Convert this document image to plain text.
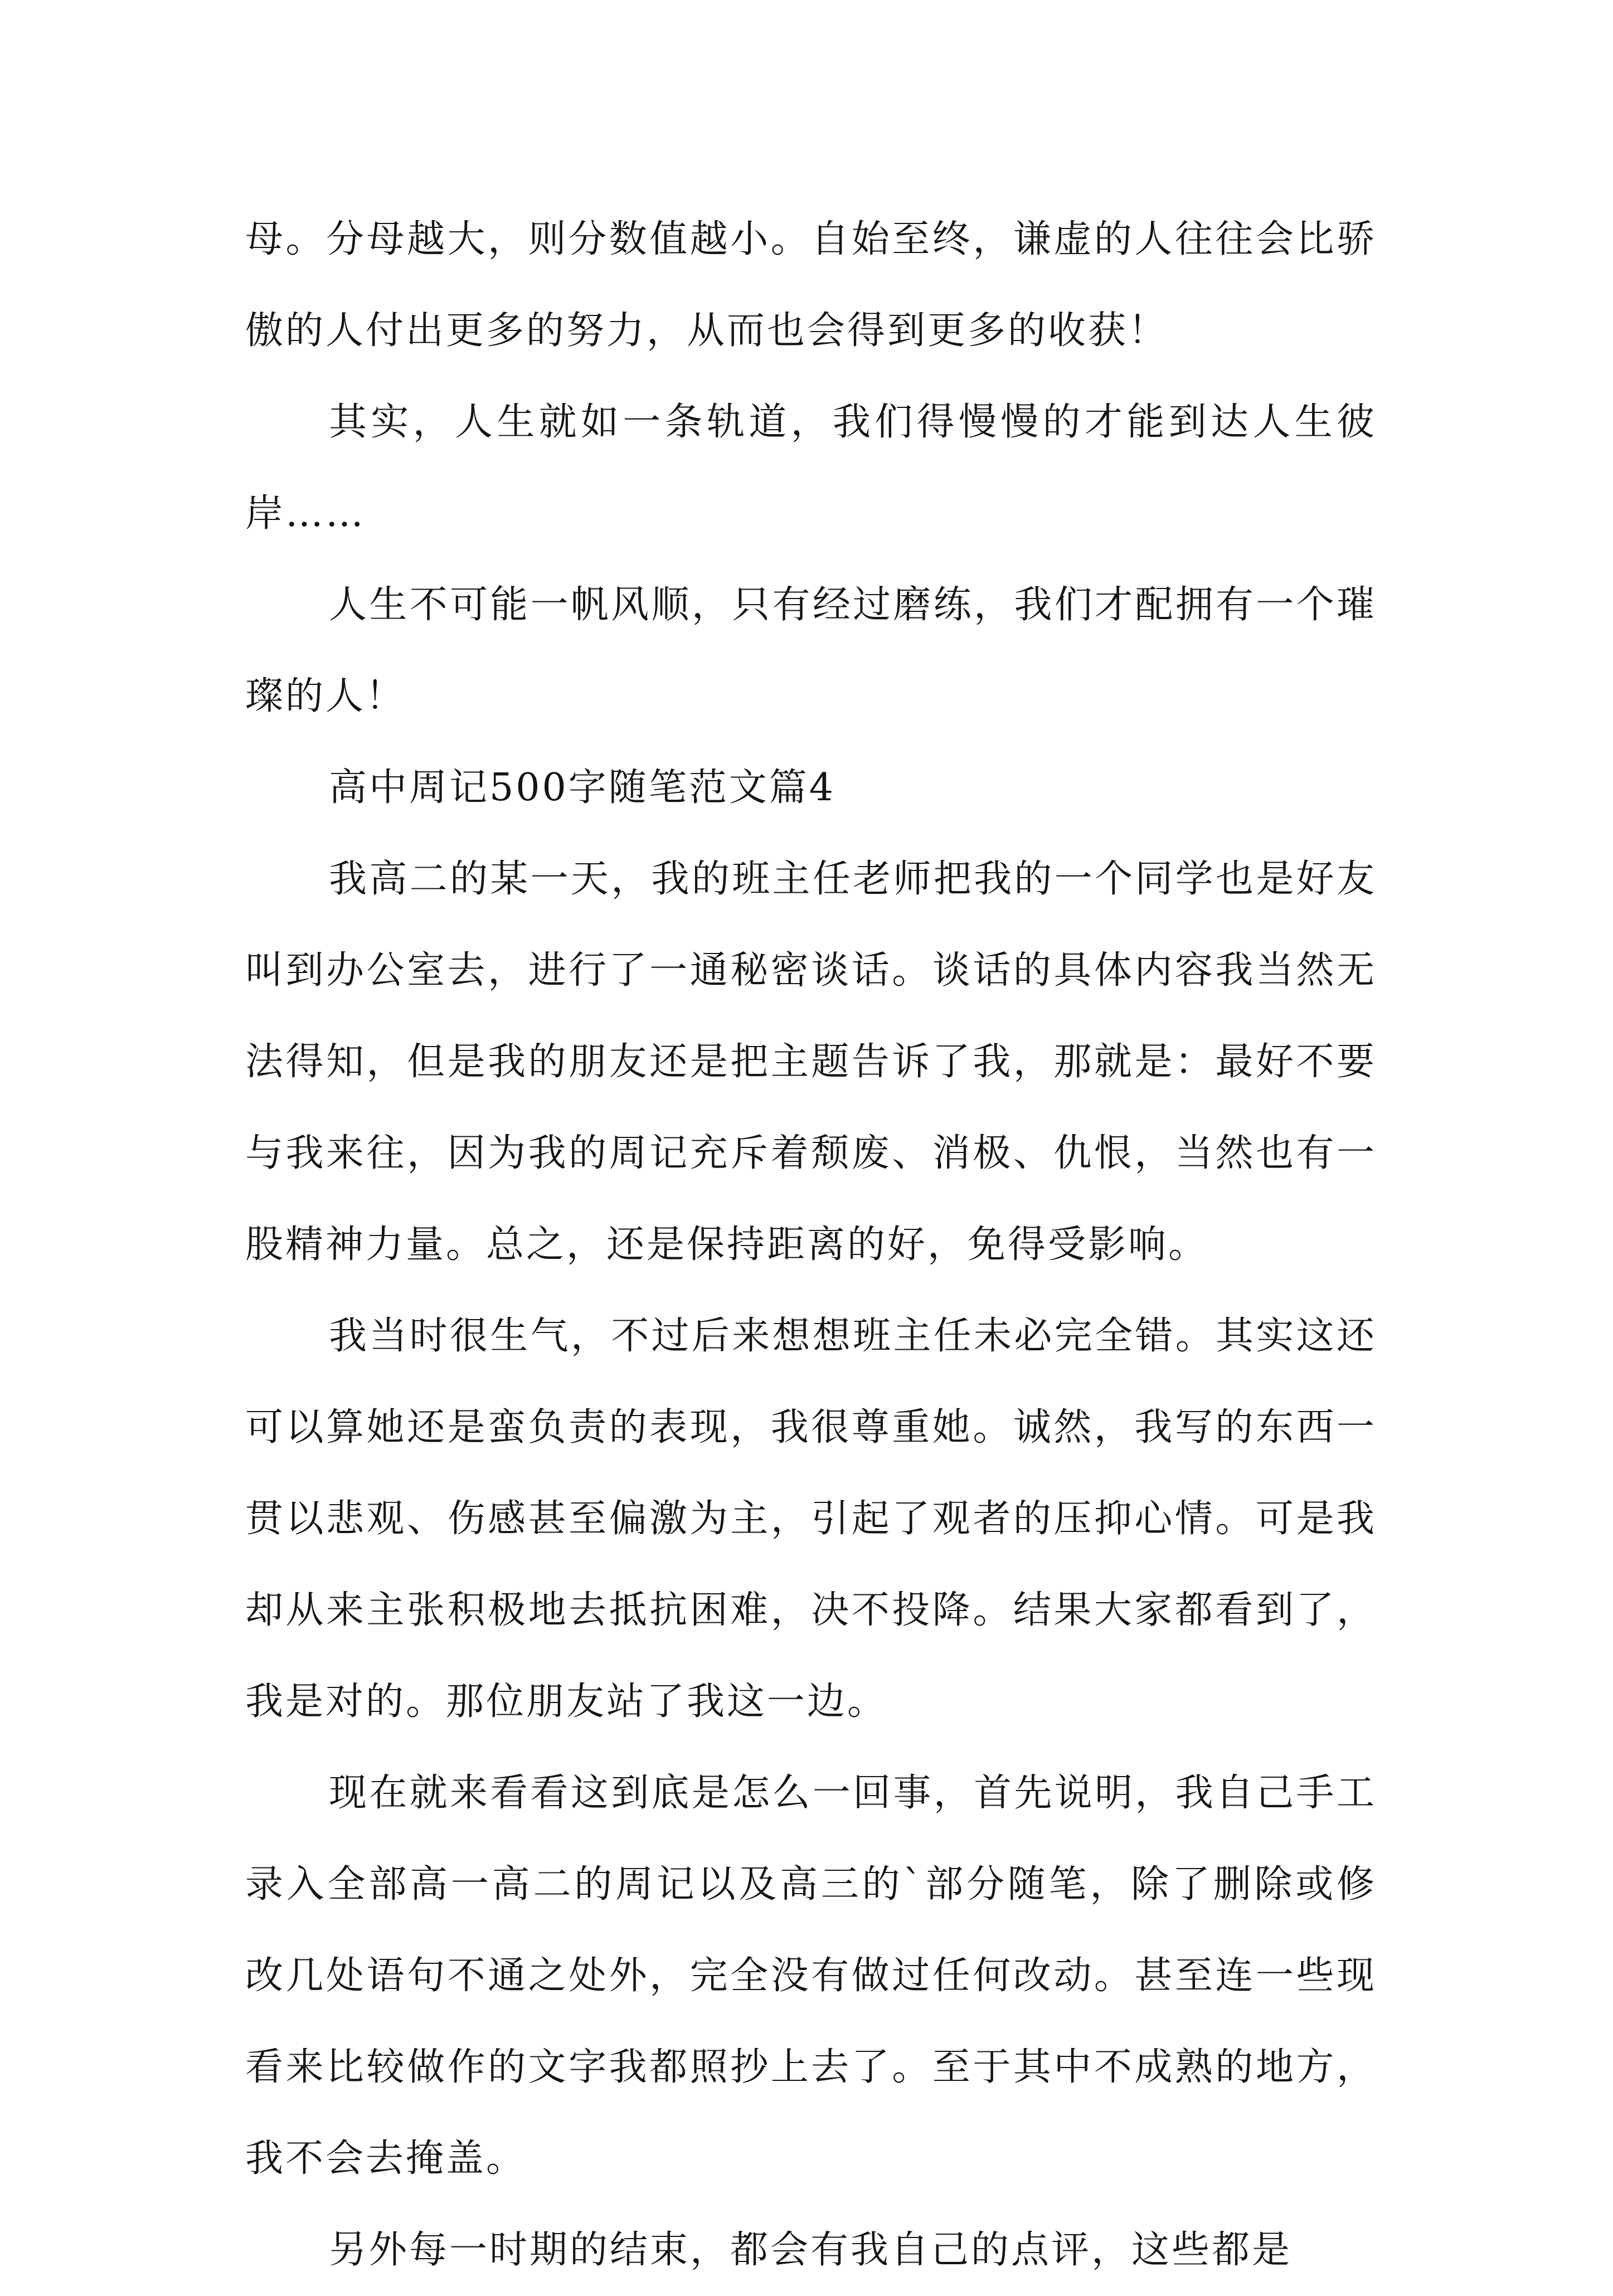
母。分母越大，则分数值越小。自始至终，谦虚的人往往会比骄傲的人付出更多的努力，从而也会得到更多的收获！

其实，人生就如一条轨道，我们得慢慢的才能到达人生彼岸……

人生不可能一帆风顺，只有经过磨练，我们才配拥有一个璀璨的人！

高中周记500字随笔范文篇4

我高二的某一天，我的班主任老师把我的一个同学也是好友叫到办公室去，进行了一通秘密谈话。谈话的具体内容我当然无法得知，但是我的朋友还是把主题告诉了我，那就是：最好不要与我来往，因为我的周记充斥着颓废、消极、仇恨，当然也有一股精神力量。总之，还是保持距离的好，免得受影响。

我当时很生气，不过后来想想班主任未必完全错。其实这还可以算她还是蛮负责的表现，我很尊重她。诚然，我写的东西一贯以悲观、伤感甚至偏激为主，引起了观者的压抑心情。可是我却从来主张积极地去抵抗困难，决不投降。结果大家都看到了，我是对的。那位朋友站了我这一边。

现在就来看看这到底是怎么一回事，首先说明，我自己手工录入全部高一高二的周记以及高三的`部分随笔，除了删除或修改几处语句不通之处外，完全没有做过任何改动。甚至连一些现看来比较做作的文字我都照抄上去了。至于其中不成熟的地方，我不会去掩盖。

另外每一时期的结束，都会有我自己的点评，这些都是
